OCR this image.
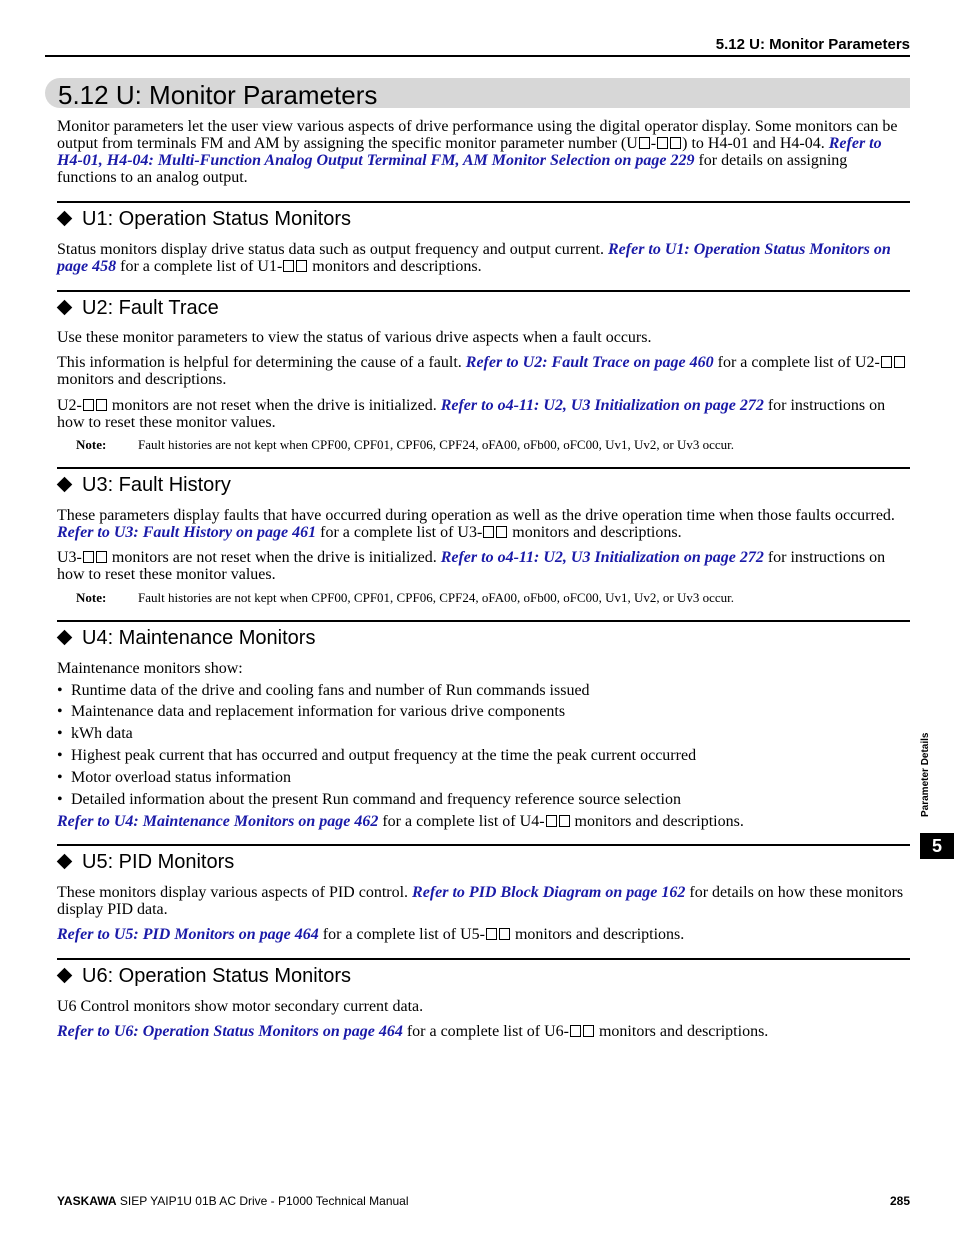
5.12 U: Monitor Parameters
5.12 U: Monitor Parameters
Monitor parameters let the user view various aspects of drive performance using the digital operator display. Some monitors can be output from terminals FM and AM by assigning the specific monitor parameter number (U - ) to H4-01 and H4-04. Refer to H4-01, H4-04: Multi-Function Analog Output Terminal FM, AM Monitor Selection on page 229 for details on assigning functions to an analog output.
U1: Operation Status Monitors
Status monitors display drive status data such as output frequency and output current. Refer to U1: Operation Status Monitors on page 458 for a complete list of U1- monitors and descriptions.
U2: Fault Trace
Use these monitor parameters to view the status of various drive aspects when a fault occurs.
This information is helpful for determining the cause of a fault. Refer to U2: Fault Trace on page 460 for a complete list of U2- monitors and descriptions.
U2- monitors are not reset when the drive is initialized. Refer to o4-11: U2, U3 Initialization on page 272 for instructions on how to reset these monitor values.
Note: Fault histories are not kept when CPF00, CPF01, CPF06, CPF24, oFA00, oFb00, oFC00, Uv1, Uv2, or Uv3 occur.
U3: Fault History
These parameters display faults that have occurred during operation as well as the drive operation time when those faults occurred. Refer to U3: Fault History on page 461 for a complete list of U3- monitors and descriptions.
U3- monitors are not reset when the drive is initialized. Refer to o4-11: U2, U3 Initialization on page 272 for instructions on how to reset these monitor values.
Note: Fault histories are not kept when CPF00, CPF01, CPF06, CPF24, oFA00, oFb00, oFC00, Uv1, Uv2, or Uv3 occur.
U4: Maintenance Monitors
Maintenance monitors show:
• Runtime data of the drive and cooling fans and number of Run commands issued
• Maintenance data and replacement information for various drive components
• kWh data
• Highest peak current that has occurred and output frequency at the time the peak current occurred
• Motor overload status information
• Detailed information about the present Run command and frequency reference source selection
Refer to U4: Maintenance Monitors on page 462 for a complete list of U4- monitors and descriptions.
U5: PID Monitors
These monitors display various aspects of PID control. Refer to PID Block Diagram on page 162 for details on how these monitors display PID data.
Refer to U5: PID Monitors on page 464 for a complete list of U5- monitors and descriptions.
U6: Operation Status Monitors
U6 Control monitors show motor secondary current data.
Refer to U6: Operation Status Monitors on page 464 for a complete list of U6- monitors and descriptions.
Parameter Details
5
YASKAWA SIEP YAIP1U 01B AC Drive - P1000 Technical Manual	285
